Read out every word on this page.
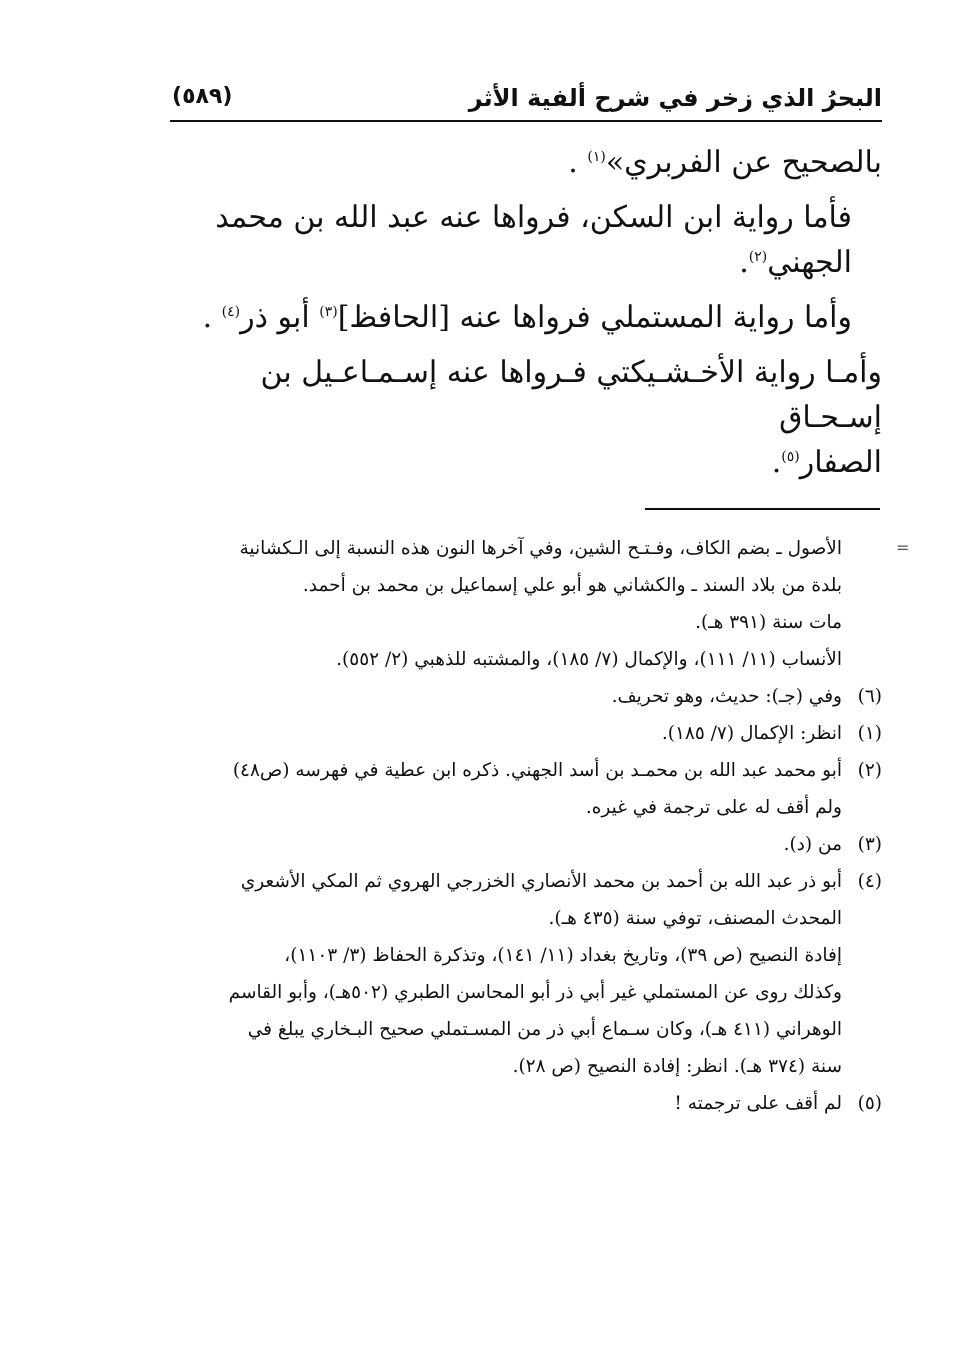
البحرُ الذي زخر في شرح ألفية الأثر
(٥٨٩)

بالصحيح عن الفربري»$^{(١)}$ .

فأما رواية ابن السكن، فرواها عنه عبد الله بن محمد الجهني$^{(٢)}$.

وأما رواية المستملي فرواها عنه [الحافظ]$^{(٣)}$ أبو ذر$^{(٤)}$ .

وأمـا رواية الأخـشـيكتي فـرواها عنه إسـمـاعـيل بن إسـحـاق
الصفار$^{(٥)}$.

=
الأصول ـ بضم الكاف، وفـتـح الشين، وفي آخرها النون هذه النسبة إلى الـكشانية
بلدة من بلاد السند ـ والكشاني هو أبو علي إسماعيل بن محمد بن أحمد.
مات سنة (٣٩١ هـ).
الأنساب (١١/ ١١١)، والإكمال (٧/ ١٨٥)، والمشتبه للذهبي (٢/ ٥٥٢).
(٦)
وفي (جـ): حديث، وهو تحريف.
(١)
انظر: الإكمال (٧/ ١٨٥).
(٢)
أبو محمد عبد الله بن محمـد بن أسد الجهني. ذكره ابن عطية في فهرسه (ص٤٨)
ولم أقف له على ترجمة في غيره.
(٣)
من (د).
(٤)
أبو ذر عبد الله بن أحمد بن محمد الأنصاري الخزرجي الهروي ثم المكي الأشعري
المحدث المصنف، توفي سنة (٤٣٥ هـ).
إفادة النصيح (ص ٣٩)، وتاريخ بغداد (١١/ ١٤١)، وتذكرة الحفاظ (٣/ ١١٠٣)،
وكذلك روى عن المستملي غير أبي ذر أبو المحاسن الطبري (٥٠٢هـ)، وأبو القاسم
الوهراني (٤١١ هـ)، وكان سـماع أبي ذر من المسـتملي صحيح البـخاري يبلغ في
سنة (٣٧٤ هـ). انظر: إفادة النصيح (ص ٢٨).
(٥)
لم أقف على ترجمته !
